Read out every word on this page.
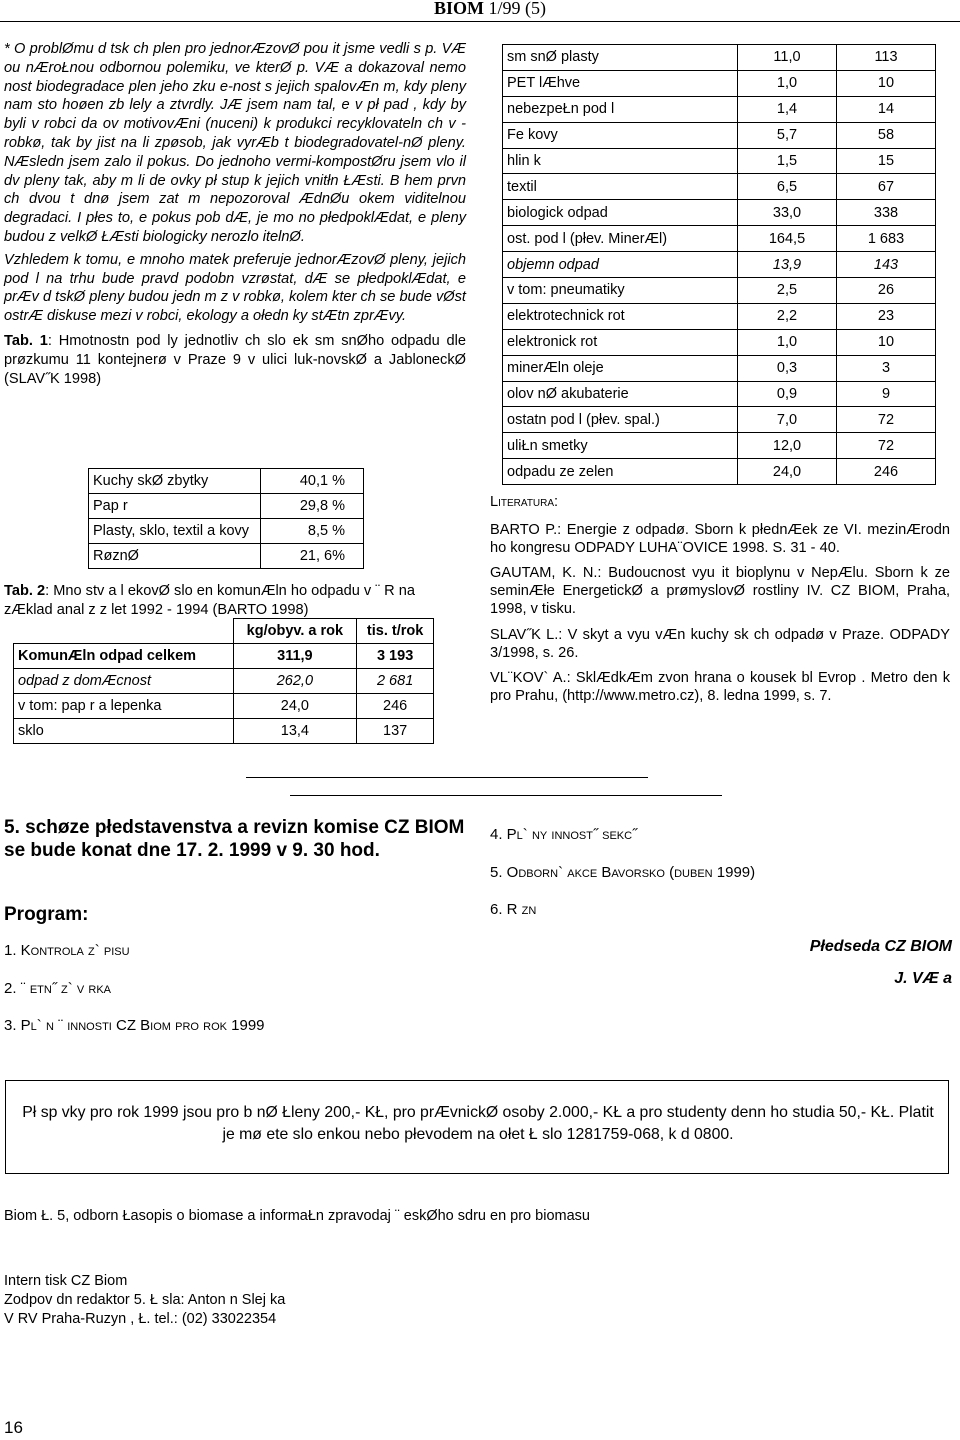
BIOM 1/99 (5)

* O problØmu d tsk ch plen pro jednorÆzovØ pou it jsme vedli s p. VÆ ou nÆroŁnou odbornou polemiku, ve kterØ p. VÆ a dokazoval nemo nost biodegradace plen jeho zku e-nost s jejich spalovÆn m, kdy pleny nam sto hoøen zb lely a ztvrdly. JÆ jsem nam tal, e v pł pad , kdy by byli v robci da ov motivovÆni (nuceni) k produkci recyklovateln ch v -robkø, tak by jist na li zpøsob, jak vyrÆb t biodegradovatel-nØ pleny. NÆsledn jsem zalo il pokus. Do jednoho vermi-kompostØru jsem vlo il dv pleny tak, aby m li de ovky pł stup k jejich vnitłn ŁÆsti. B hem prvn ch dvou t dnø jsem zat m nepozoroval ÆdnØu okem viditelnou degradaci. I płes to, e pokus pob dÆ, je mo no płedpoklÆdat, e pleny budou z velkØ ŁÆsti biologicky nerozlo itelnØ.

Vzhledem k tomu, e mnoho matek preferuje jednorÆzovØ pleny, jejich pod l na trhu bude pravd podobn vzrøstat, dÆ se płedpoklÆdat, e prÆv d tskØ pleny budou jedn m z v robkø, kolem kter ch se bude vØst ostrÆ diskuse mezi v robci, ekology a ołedn ky stÆtn zprÆvy.

Tab. 1: Hmotnostn pod ly jednotliv ch slo ek sm snØho odpadu dle prøzkumu 11 kontejnerø v Praze 9 v ulici luk-novskØ a JabloneckØ (SLAV˝K 1998)
Kuchy skØ zbytky	40,1 %
Pap r	29,8 %
Plasty, sklo, textil a kovy	8,5 %
RøznØ	21, 6%
Tab. 2: Mno stv a l ekovØ slo en komunÆln ho odpadu v ¨ R na zÆklad anal z z let 1992 - 1994 (BARTO 1998)
	kg/obyv. a rok	tis. t/rok
KomunÆln odpad celkem	311,9	3 193
odpad z domÆcnost	262,0	2 681
v tom: pap r a lepenka	24,0	246
sklo	13,4	137
sm snØ plasty	11,0	113
PET lÆhve	1,0	10
nebezpeŁn pod l	1,4	14
Fe kovy	5,7	58
hlin k	1,5	15
textil	6,5	67
biologick odpad	33,0	338
ost. pod l (płev. MinerÆl)	164,5	1 683
objemn odpad	13,9	143
v tom: pneumatiky	2,5	26
elektrotechnick rot	2,2	23
elektronick rot	1,0	10
minerÆln oleje	0,3	3
olov nØ akubaterie	0,9	9
ostatn pod l (płev. spal.)	7,0	72
uliŁn smetky	12,0	72
odpadu ze zelen	24,0	246
Literatura:

BARTO P.: Energie z odpadø. Sborn k płednÆek ze VI. mezinÆrodn ho kongresu ODPADY LUHA¨OVICE 1998. S. 31 - 40.

GAUTAM, K. N.: Budoucnost vyu it bioplynu v NepÆlu. Sborn k ze seminÆłe EnergetickØ a prømyslovØ rostliny IV. CZ BIOM, Praha, 1998, v tisku.

SLAV˝K L.: V skyt a vyu vÆn kuchy sk ch odpadø v Praze. ODPADY 3/1998, s. 26.

VL¨KOV` A.: SklÆdkÆm zvon hrana o kousek bl Evrop . Metro den k pro Prahu, (http://www.metro.cz), 8. ledna 1999, s. 7.

5. schøze płedstavenstva a revizn komise CZ BIOM se bude konat dne 17. 2. 1999 v 9. 30 hod.
Program:
1. Kontrola z` pisu
2. ¨ etn˝ z` v rka
3. Pl` n ¨ innosti CZ Biom pro rok 1999
4. Pl` ny innost˝ sekc˝
5. Odborn` akce Bavorsko (duben 1999)
6. R zn
Płedseda CZ BIOM
J. VÆ a
Pł sp vky pro rok 1999 jsou pro b nØ Łleny 200,- KŁ, pro prÆvnickØ osoby 2.000,- KŁ a pro studenty denn ho studia 50,- KŁ. Platit je mø ete slo enkou nebo płevodem na ołet Ł slo 1281759-068, k d 0800.
Biom Ł. 5, odborn Łasopis o biomase a informaŁn zpravodaj ¨ eskØho sdru en pro biomasu
Intern tisk CZ Biom
Zodpov dn redaktor 5. Ł sla: Anton n Slej ka
V RV Praha-Ruzyn , Ł. tel.: (02) 33022354
16
